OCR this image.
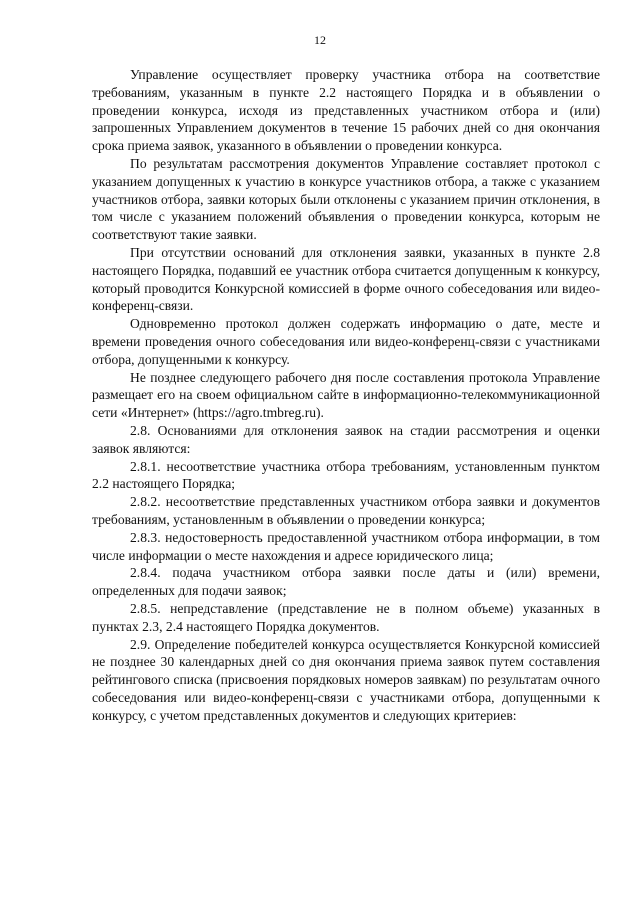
12

Управление осуществляет проверку участника отбора на соответствие требованиям, указанным в пункте 2.2 настоящего Порядка и в объявлении о проведении конкурса, исходя из представленных участником отбора и (или) запрошенных Управлением документов в течение 15 рабочих дней со дня окончания срока приема заявок, указанного в объявлении о проведении конкурса.

По результатам рассмотрения документов Управление составляет протокол с указанием допущенных к участию в конкурсе участников отбора, а также с указанием участников отбора, заявки которых были отклонены с указанием причин отклонения, в том числе с указанием положений объявления о проведении конкурса, которым не соответствуют такие заявки.

При отсутствии оснований для отклонения заявки, указанных в пункте 2.8 настоящего Порядка, подавший ее участник отбора считается допущенным к конкурсу, который проводится Конкурсной комиссией в форме очного собеседования или видео-конференц-связи.

Одновременно протокол должен содержать информацию о дате, месте и времени проведения очного собеседования или видео-конференц-связи с участниками отбора, допущенными к конкурсу.

Не позднее следующего рабочего дня после составления протокола Управление размещает его на своем официальном сайте в информационно-телекоммуникационной сети «Интернет» (https://agro.tmbreg.ru).

2.8. Основаниями для отклонения заявок на стадии рассмотрения и оценки заявок являются:

2.8.1. несоответствие участника отбора требованиям, установленным пунктом 2.2 настоящего Порядка;

2.8.2. несоответствие представленных участником отбора заявки и документов требованиям, установленным в объявлении о проведении конкурса;

2.8.3. недостоверность предоставленной участником отбора информации, в том числе информации о месте нахождения и адресе юридического лица;

2.8.4. подача участником отбора заявки после даты и (или) времени, определенных для подачи заявок;

2.8.5. непредставление (представление не в полном объеме) указанных в пунктах 2.3, 2.4 настоящего Порядка документов.

2.9. Определение победителей конкурса осуществляется Конкурсной комиссией не позднее 30 календарных дней со дня окончания приема заявок путем составления рейтингового списка (присвоения порядковых номеров заявкам) по результатам очного собеседования или видео-конференц-связи с участниками отбора, допущенными к конкурсу, с учетом представленных документов и следующих критериев:
